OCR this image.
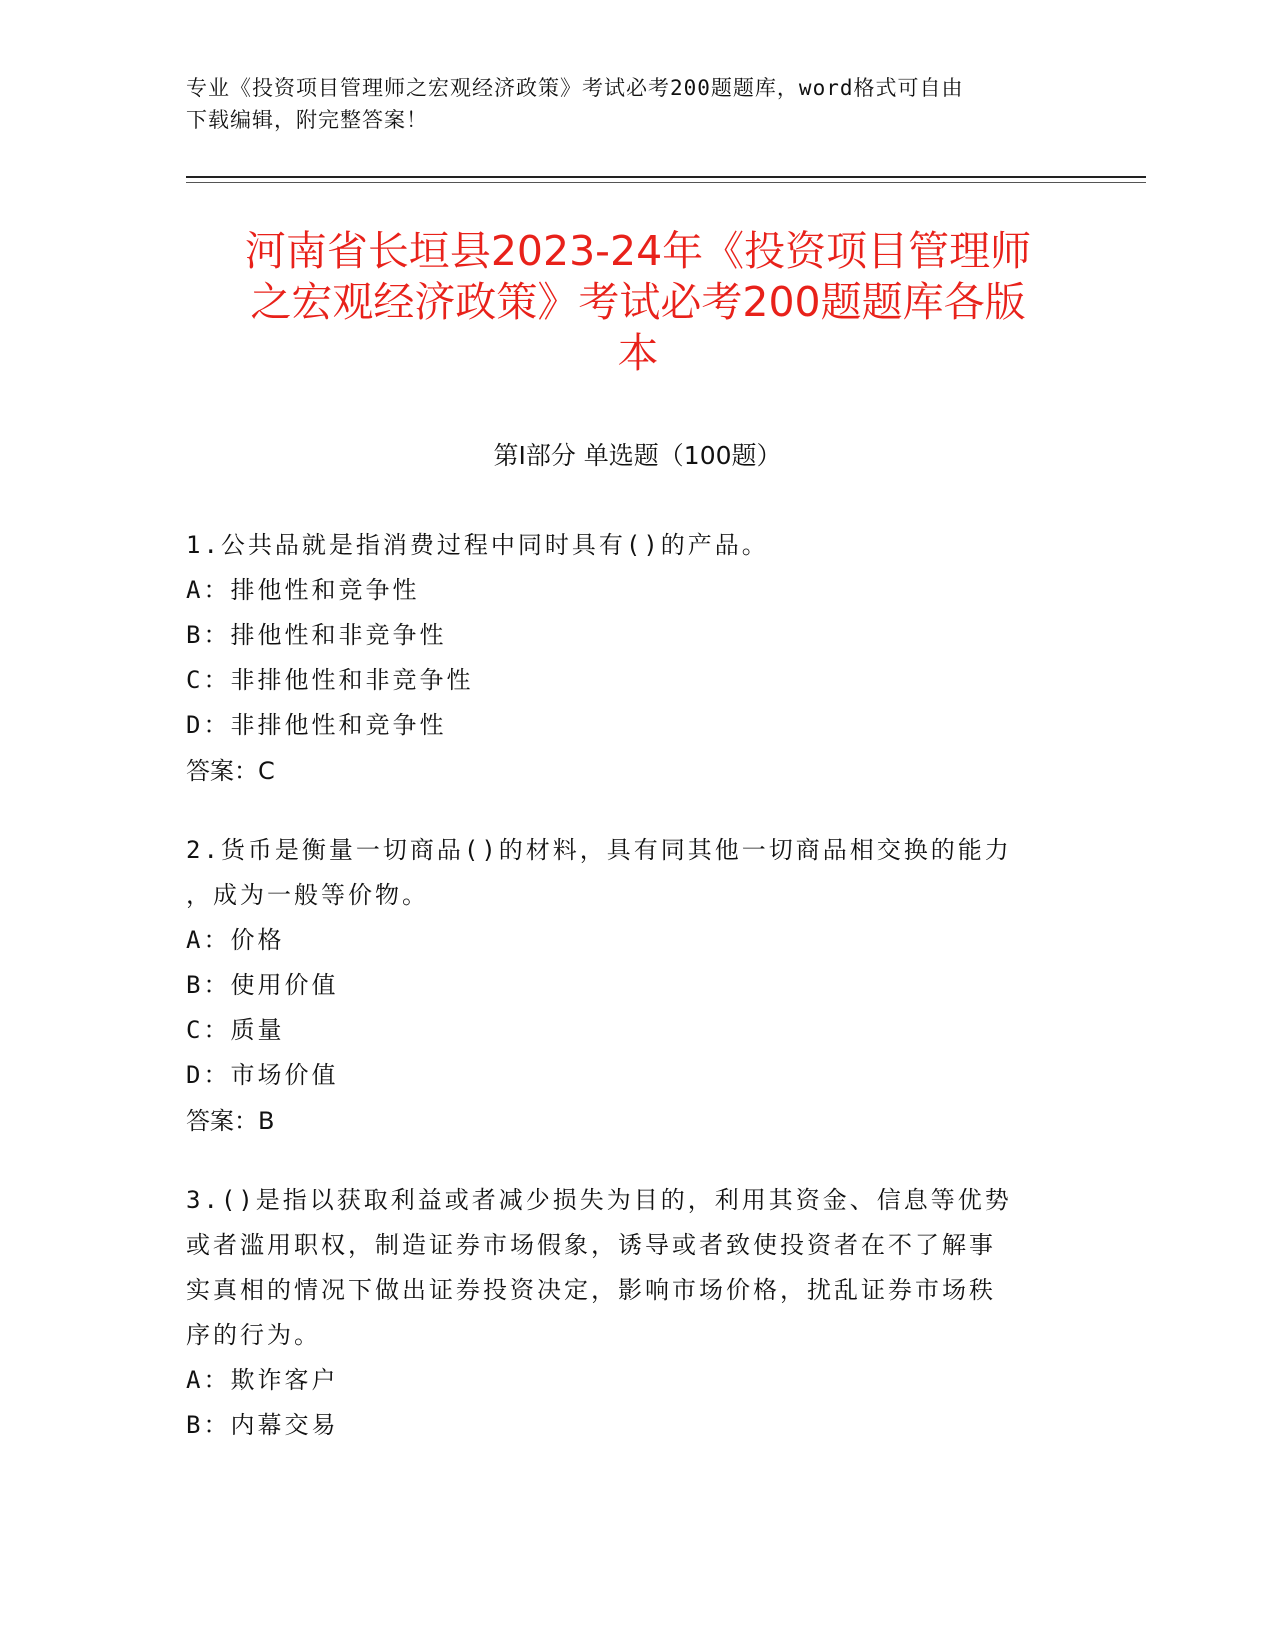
专业《投资项目管理师之宏观经济政策》考试必考200题题库，word格式可自由
下载编辑，附完整答案！
河南省长垣县2023-24年《投资项目管理师
之宏观经济政策》考试必考200题题库各版
本
第Ⅰ部分 单选题（100题）

1.公共品就是指消费过程中同时具有()的产品。

A：排他性和竞争性

B：排他性和非竞争性

C：非排他性和非竞争性

D：非排他性和竞争性

答案：C

2.货币是衡量一切商品()的材料，具有同其他一切商品相交换的能力

，成为一般等价物。

A：价格

B：使用价值

C：质量

D：市场价值

答案：B

3.()是指以获取利益或者减少损失为目的，利用其资金、信息等优势

或者滥用职权，制造证券市场假象，诱导或者致使投资者在不了解事

实真相的情况下做出证券投资决定，影响市场价格，扰乱证券市场秩

序的行为。

A：欺诈客户

B：内幕交易
